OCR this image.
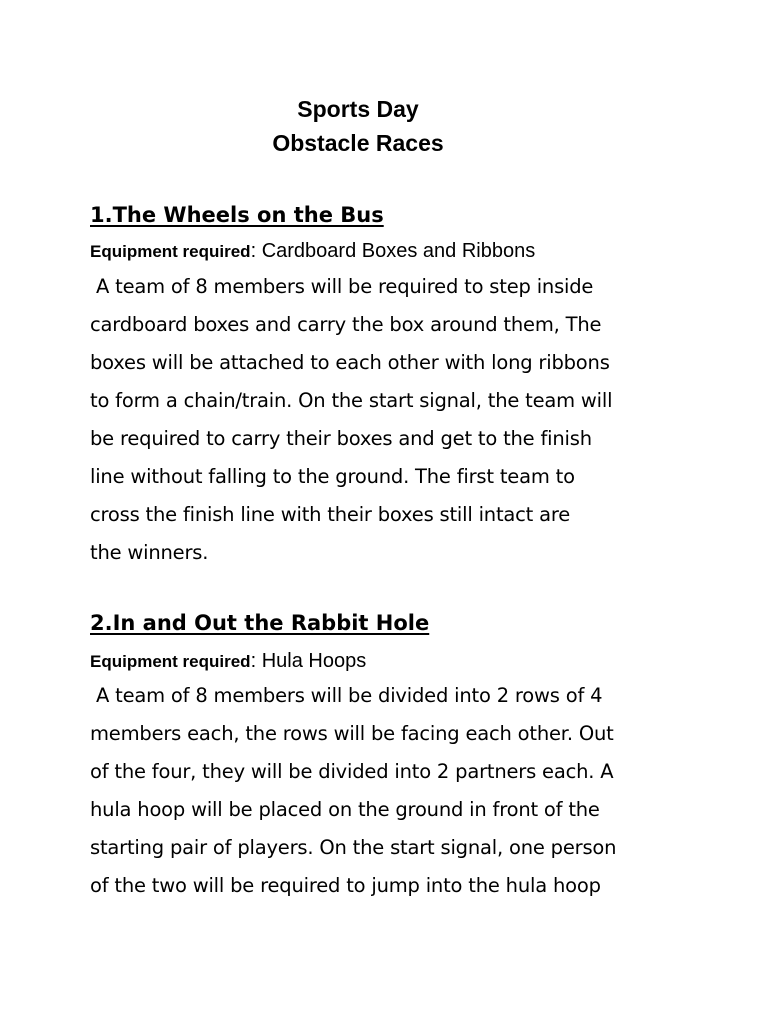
Sports Day
Obstacle Races
1.The Wheels on the Bus

Equipment required: Cardboard Boxes and Ribbons

A team of 8 members will be required to step inside
cardboard boxes and carry the box around them, The
boxes will be attached to each other with long ribbons
to form a chain/train. On the start signal, the team will
be required to carry their boxes and get to the finish
line without falling to the ground. The first team to
cross the finish line with their boxes still intact are
the winners.
2.In and Out the Rabbit Hole

Equipment required: Hula Hoops

A team of 8 members will be divided into 2 rows of 4
members each, the rows will be facing each other. Out
of the four, they will be divided into 2 partners each. A
hula hoop will be placed on the ground in front of the
starting pair of players. On the start signal, one person
of the two will be required to jump into the hula hoop
